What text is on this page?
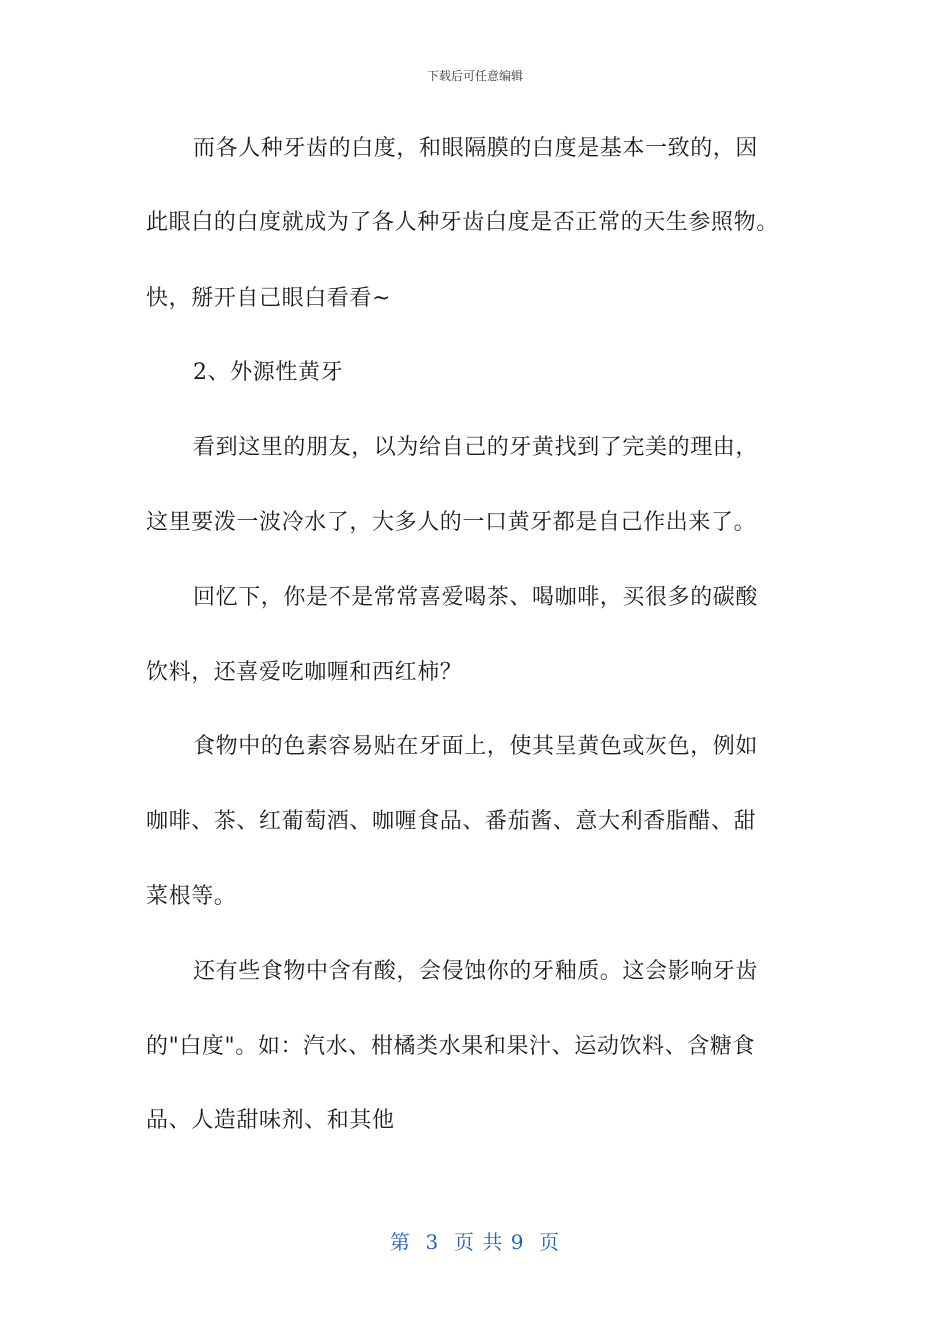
下载后可任意编辑
而各人种牙齿的白度，和眼隔膜的白度是基本一致的，因
此眼白的白度就成为了各人种牙齿白度是否正常的天生参照物。
快，掰开自己眼白看看~
2、外源性黄牙
看到这里的朋友，以为给自己的牙黄找到了完美的理由，
这里要泼一波冷水了，大多人的一口黄牙都是自己作出来了。
回忆下，你是不是常常喜爱喝茶、喝咖啡，买很多的碳酸
饮料，还喜爱吃咖喱和西红柿？
食物中的色素容易贴在牙面上，使其呈黄色或灰色，例如
咖啡、茶、红葡萄酒、咖喱食品、番茄酱、意大利香脂醋、甜
菜根等。
还有些食物中含有酸，会侵蚀你的牙釉质。这会影响牙齿
的"白度"。如：汽水、柑橘类水果和果汁、运动饮料、含糖食
品、人造甜味剂、和其他
第  3  页 共 9  页
